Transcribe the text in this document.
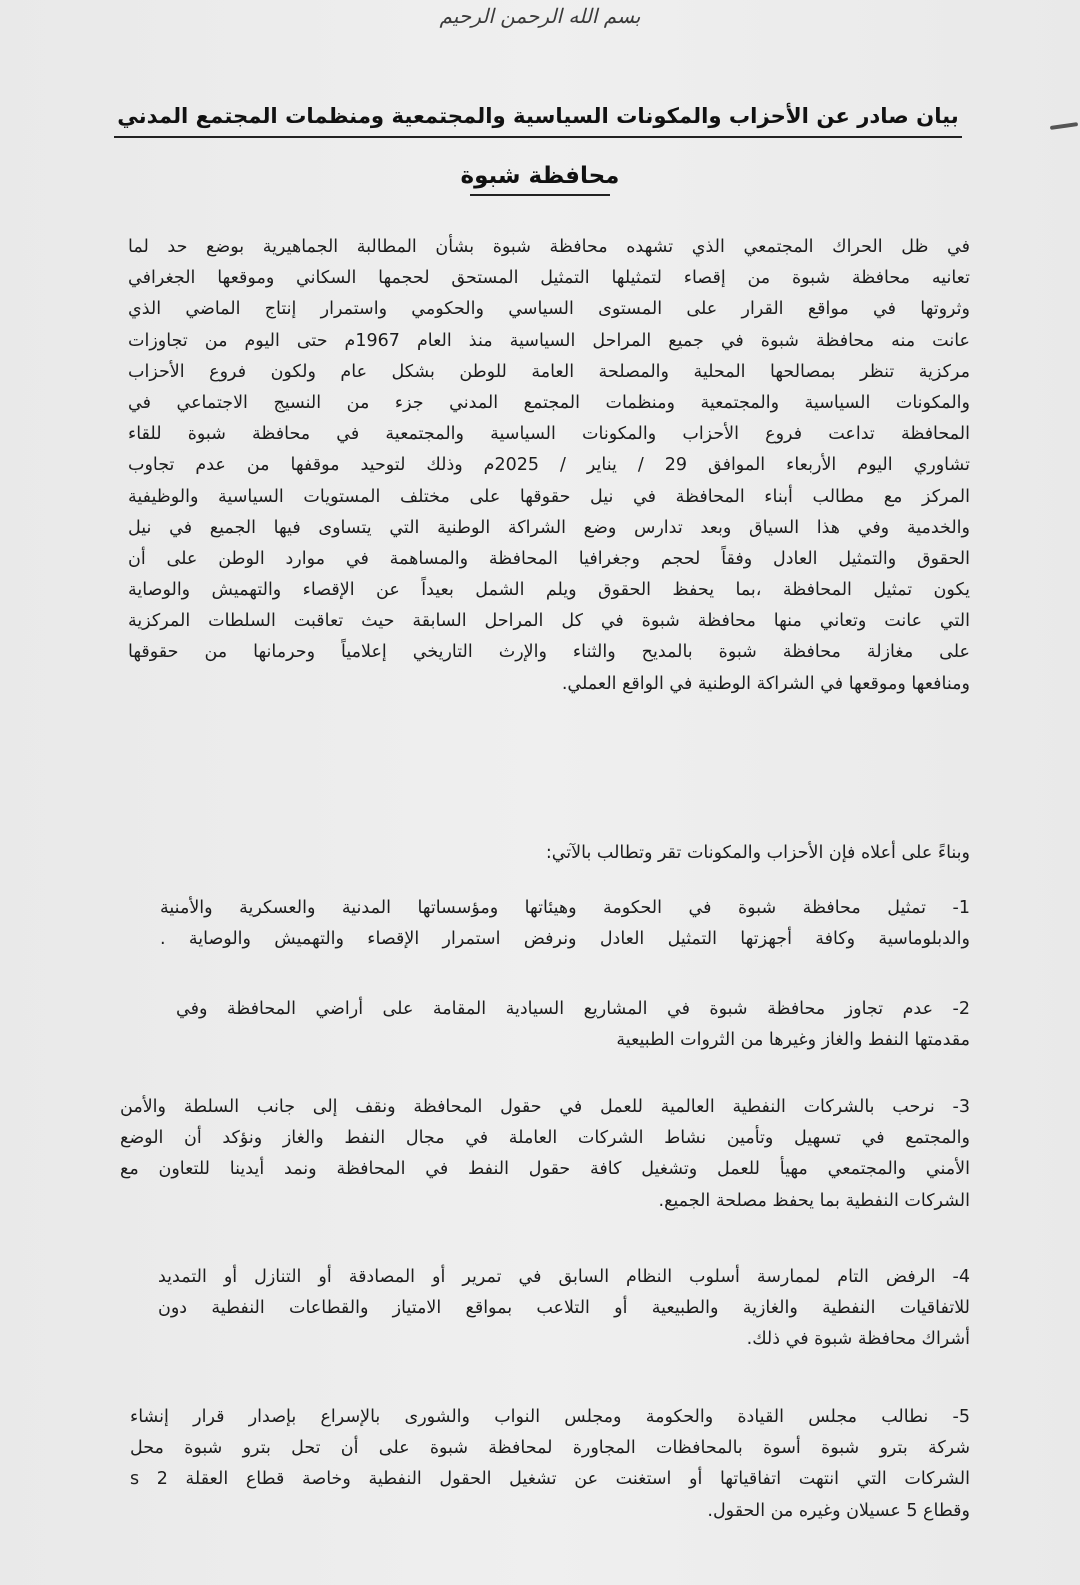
بسم الله الرحمن الرحيم
بيان صادر عن الأحزاب والمكونات السياسية والمجتمعية ومنظمات المجتمع المدني
محافظة شبوة
في ظل الحراك المجتمعي الذي تشهده محافظة شبوة بشأن المطالبة الجماهيرية بوضع حد لما
تعانيه محافظة شبوة من إقصاء لتمثيلها التمثيل المستحق لحجمها السكاني وموقعها الجغرافي
وثروتها في مواقع القرار على المستوى السياسي والحكومي واستمرار إنتاج الماضي الذي
عانت منه محافظة شبوة في جميع المراحل السياسية منذ العام 1967م حتى اليوم من تجاوزات
مركزية تنظر بمصالحها المحلية والمصلحة العامة للوطن بشكل عام ولكون فروع الأحزاب
والمكونات السياسية والمجتمعية ومنظمات المجتمع المدني جزء من النسيج الاجتماعي في
المحافظة تداعت فروع الأحزاب والمكونات السياسية والمجتمعية في محافظة شبوة للقاء
تشاوري اليوم الأربعاء الموافق 29 / يناير / 2025م وذلك لتوحيد موقفها من عدم تجاوب
المركز مع مطالب أبناء المحافظة في نيل حقوقها على مختلف المستويات السياسية والوظيفية
والخدمية وفي هذا السياق وبعد تدارس وضع الشراكة الوطنية التي يتساوى فيها الجميع في نيل
الحقوق والتمثيل العادل وفقاً لحجم وجغرافيا المحافظة والمساهمة في موارد الوطن على أن
يكون تمثيل المحافظة ،بما يحفظ الحقوق ويلم الشمل بعيداً عن الإقصاء والتهميش والوصاية
التي عانت وتعاني منها محافظة شبوة في كل المراحل السابقة حيث تعاقبت السلطات المركزية
على مغازلة محافظة شبوة بالمديح والثناء والإرث التاريخي إعلامياً وحرمانها من حقوقها
ومنافعها وموقعها في الشراكة الوطنية في الواقع العملي.
وبناءً على أعلاه فإن الأحزاب والمكونات تقر وتطالب بالآتي:
1- تمثيل محافظة شبوة في الحكومة وهيئاتها ومؤسساتها المدنية والعسكرية والأمنية
والدبلوماسية وكافة أجهزتها التمثيل العادل ونرفض استمرار الإقصاء والتهميش والوصاية .
2- عدم تجاوز محافظة شبوة في المشاريع السيادية المقامة على أراضي المحافظة وفي
مقدمتها النفط والغاز وغيرها من الثروات الطبيعية
3- نرحب بالشركات النفطية العالمية للعمل في حقول المحافظة ونقف إلى جانب السلطة والأمن
والمجتمع في تسهيل وتأمين نشاط الشركات العاملة في مجال النفط والغاز ونؤكد أن الوضع
الأمني والمجتمعي مهيأ للعمل وتشغيل كافة حقول النفط في المحافظة ونمد أيدينا للتعاون مع
الشركات النفطية بما يحفظ مصلحة الجميع.
4- الرفض التام لممارسة أسلوب النظام السابق في تمرير أو المصادقة أو التنازل أو التمديد
للاتفاقيات النفطية والغازية والطبيعية أو التلاعب بمواقع الامتياز والقطاعات النفطية دون
أشراك محافظة شبوة في ذلك.
5- نطالب مجلس القيادة والحكومة ومجلس النواب والشورى بالإسراع بإصدار قرار إنشاء
شركة بترو شبوة أسوة بالمحافظات المجاورة لمحافظة شبوة على أن تحل بترو شبوة محل
الشركات التي انتهت اتفاقياتها أو استغنت عن تشغيل الحقول النفطية وخاصة قطاع العقلة s 2
وقطاع 5 عسيلان وغيره من الحقول.
